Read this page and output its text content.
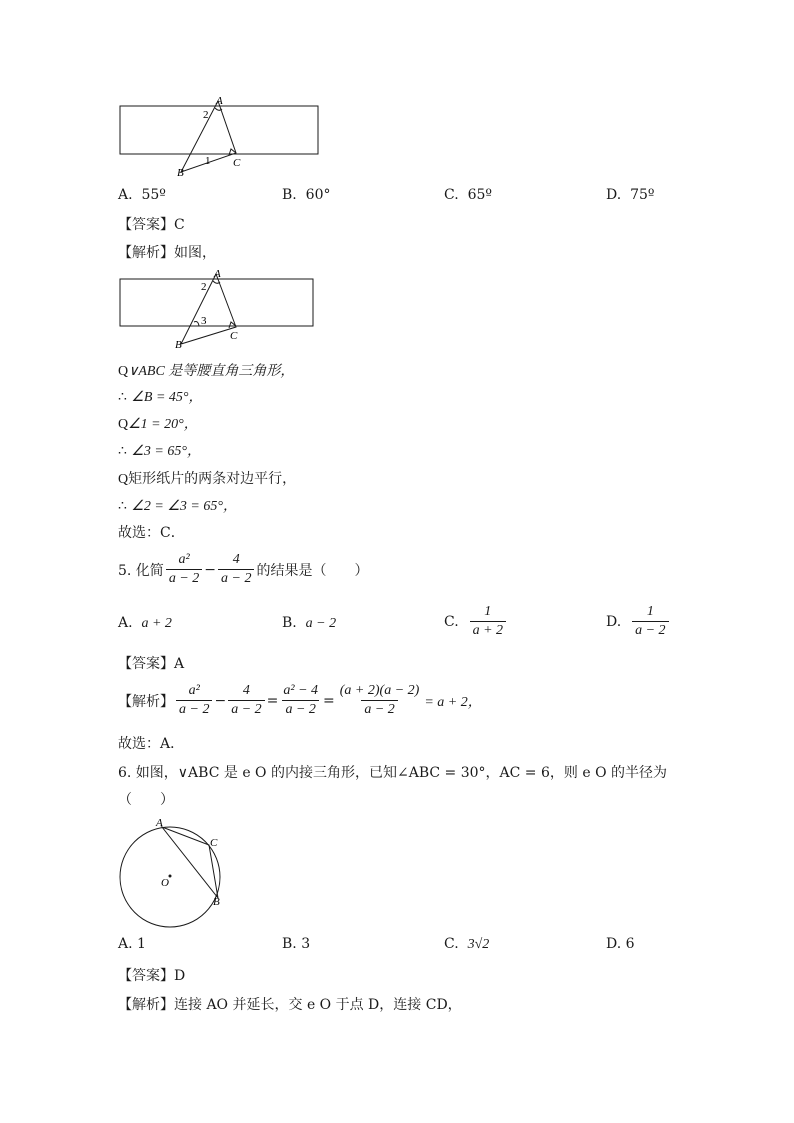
A
B
C
2
1
A. 55º	B. 60°	C. 65º	D. 75º
【答案】C
【解析】如图，
A
B
C
2
3
Q∨ABC 是等腰直角三角形，
∴ ∠B = 45°，
Q∠1 = 20°，
∴ ∠3 = 65°，
Q矩形纸片的两条对边平行，
∴ ∠2 = ∠3 = 65°，
故选：C．
5. 化简 $\frac{\text{a²}}{a - 2} - \frac{4}{a - 2}$ 的结果是（　　）
A. a + 2	B. a − 2	C.
$\frac{1}{a + 2}$	D.
$\frac{1}{a - 2}$
【答案】A
【解析】 $\frac{\text{a²}}{a - 2} - \frac{4}{a - 2} = \frac{\text{a² − 4}}{a - 2} = \frac{(a + 2)(a - 2)}{a - 2} = a + 2$，
故选：A．
6. 如图，∨ABC 是 e O 的内接三角形，已知∠ABC = 30°，AC = 6，则 e O 的半径为
（　　）
A
C
B
O
A. 1	B. 3	C. 3√2	D. 6
【答案】D
【解析】连接 AO 并延长，交 e O 于点 D，连接 CD，
